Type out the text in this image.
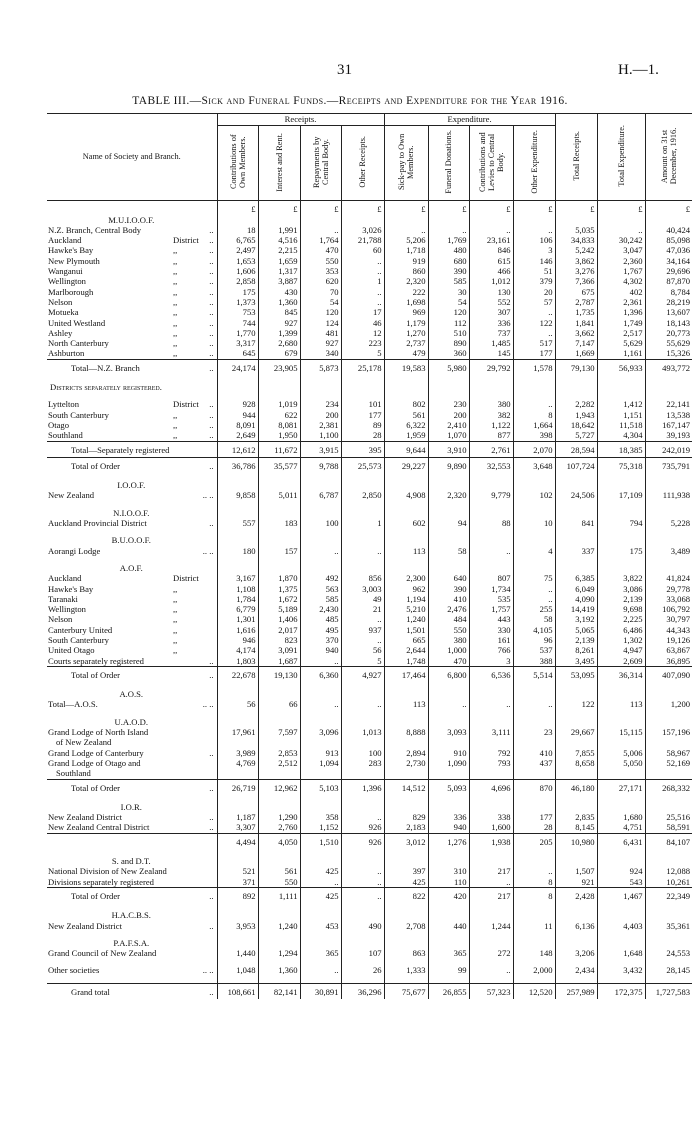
31	H.—1.
TABLE III.—Sick and Funeral Funds.—Receipts and Expenditure for the Year 1916.
Name of Society and Branch.			Receipts.				Expenditure.				Total Receipts.	Total Expenditure.	Amount on 31st December, 1916.
			Contributions of Own Members.	Interest and Rent.	Repayments by Central Body.	Other Receipts.	Sick-pay to Own Members.	Funeral Donations.	Contributions and Levies to Central Body.	Other Expenditure.			
			£	£	£	£	£	£	£	£	£	£	£
M.U.I.O.O.F.													
N.Z. Branch, Central Body		..	18	1,991	..	3,026	..	..	..	..	5,035	..	40,424
Auckland	District	..	6,765	4,516	1,764	21,788	5,206	1,769	23,161	106	34,833	30,242	85,098
Hawke's Bay	,,	..	2,497	2,215	470	60	1,718	480	846	3	5,242	3,047	47,036
New Plymouth	,,	..	1,653	1,659	550	..	919	680	615	146	3,862	2,360	34,164
Wanganui	,,	..	1,606	1,317	353	..	860	390	466	51	3,276	1,767	29,696
Wellington	,,	..	2,858	3,887	620	1	2,320	585	1,012	379	7,366	4,302	87,870
Marlborough	,,	..	175	430	70	..	222	30	130	20	675	402	8,784
Nelson	,,	..	1,373	1,360	54	..	1,698	54	552	57	2,787	2,361	28,219
Motueka	,,	..	753	845	120	17	969	120	307	..	1,735	1,396	13,607
United Westland	,,	..	744	927	124	46	1,179	112	336	122	1,841	1,749	18,143
Ashley	,,	..	1,770	1,399	481	12	1,270	510	737	..	3,662	2,517	20,773
North Canterbury	,,	..	3,317	2,680	927	223	2,737	890	1,485	517	7,147	5,629	55,629
Ashburton	,,	..	645	679	340	5	479	360	145	177	1,669	1,161	15,326
Total—N.Z. Branch		..	24,174	23,905	5,873	25,178	19,583	5,980	29,792	1,578	79,130	56,933	493,772

Districts separately registered.													

Lyttelton	District	..	928	1,019	234	101	802	230	380	..	2,282	1,412	22,141
South Canterbury	,,	..	944	622	200	177	561	200	382	8	1,943	1,151	13,538
Otago	,,	..	8,091	8,081	2,381	89	6,322	2,410	1,122	1,664	18,642	11,518	167,147
Southland	,,	..	2,649	1,950	1,100	28	1,959	1,070	877	398	5,727	4,304	39,193
Total—Separately registered			12,612	11,672	3,915	395	9,644	3,910	2,761	2,070	28,594	18,385	242,019
Total of Order		..	36,786	35,577	9,788	25,573	29,227	9,890	32,553	3,648	107,724	75,318	735,791

I.O.O.F.													
New Zealand		.. ..	9,858	5,011	6,787	2,850	4,908	2,320	9,779	102	24,506	17,109	111,938

N.I.O.O.F.													
Auckland Provincial District		..	557	183	100	1	602	94	88	10	841	794	5,228

B.U.O.O.F.													
Aorangi Lodge		.. ..	180	157	..	..	113	58	..	4	337	175	3,489

A.O.F.													
Auckland	District		3,167	1,870	492	856	2,300	640	807	75	6,385	3,822	41,824
Hawke's Bay	,,		1,108	1,375	563	3,003	962	390	1,734	..	6,049	3,086	29,778
Taranaki	,,		1,784	1,672	585	49	1,194	410	535	..	4,090	2,139	33,068
Wellington	,,		6,779	5,189	2,430	21	5,210	2,476	1,757	255	14,419	9,698	106,792
Nelson	,,		1,301	1,406	485	..	1,240	484	443	58	3,192	2,225	30,797
Canterbury United	,,		1,616	2,017	495	937	1,501	550	330	4,105	5,065	6,486	44,343
South Canterbury	,,		946	823	370	..	665	380	161	96	2,139	1,302	19,126
United Otago	,,		4,174	3,091	940	56	2,644	1,000	766	537	8,261	4,947	63,867
Courts separately registered		..	1,803	1,687	..	5	1,748	470	3	388	3,495	2,609	36,895
Total of Order		..	22,678	19,130	6,360	4,927	17,464	6,800	6,536	5,514	53,095	36,314	407,090

A.O.S.													
Total—A.O.S.		.. ..	56	66	..	..	113	..	..	..	122	113	1,200

U.A.O.D.													
Grand Lodge of North Island			17,961	7,597	3,096	1,013	8,888	3,093	3,111	23	29,667	15,115	157,196
of New Zealand													
Grand Lodge of Canterbury		..	3,989	2,853	913	100	2,894	910	792	410	7,855	5,006	58,967
Grand Lodge of Otago and			4,769	2,512	1,094	283	2,730	1,090	793	437	8,658	5,050	52,169
Southland													
Total of Order		..	26,719	12,962	5,103	1,396	14,512	5,093	4,696	870	46,180	27,171	268,332

I.O.R.													
New Zealand District		..	1,187	1,290	358	..	829	336	338	177	2,835	1,680	25,516
New Zealand Central District		..	3,307	2,760	1,152	926	2,183	940	1,600	28	8,145	4,751	58,591
			4,494	4,050	1,510	926	3,012	1,276	1,938	205	10,980	6,431	84,107

S. and D.T.													
National Division of New Zealand			521	561	425	..	397	310	217	..	1,507	924	12,088
Divisions separately registered			371	550	..	..	425	110	..	8	921	543	10,261
Total of Order		..	892	1,111	425	..	822	420	217	8	2,428	1,467	22,349

H.A.C.B.S.													
New Zealand District		..	3,953	1,240	453	490	2,708	440	1,244	11	6,136	4,403	35,361

P.A.F.S.A.													
Grand Council of New Zealand			1,440	1,294	365	107	863	365	272	148	3,206	1,648	24,553

Other societies		.. ..	1,048	1,360	..	26	1,333	99	..	2,000	2,434	3,432	28,145

Grand total		..	108,661	82,141	30,891	36,296	75,677	26,855	57,323	12,520	257,989	172,375	1,727,583
